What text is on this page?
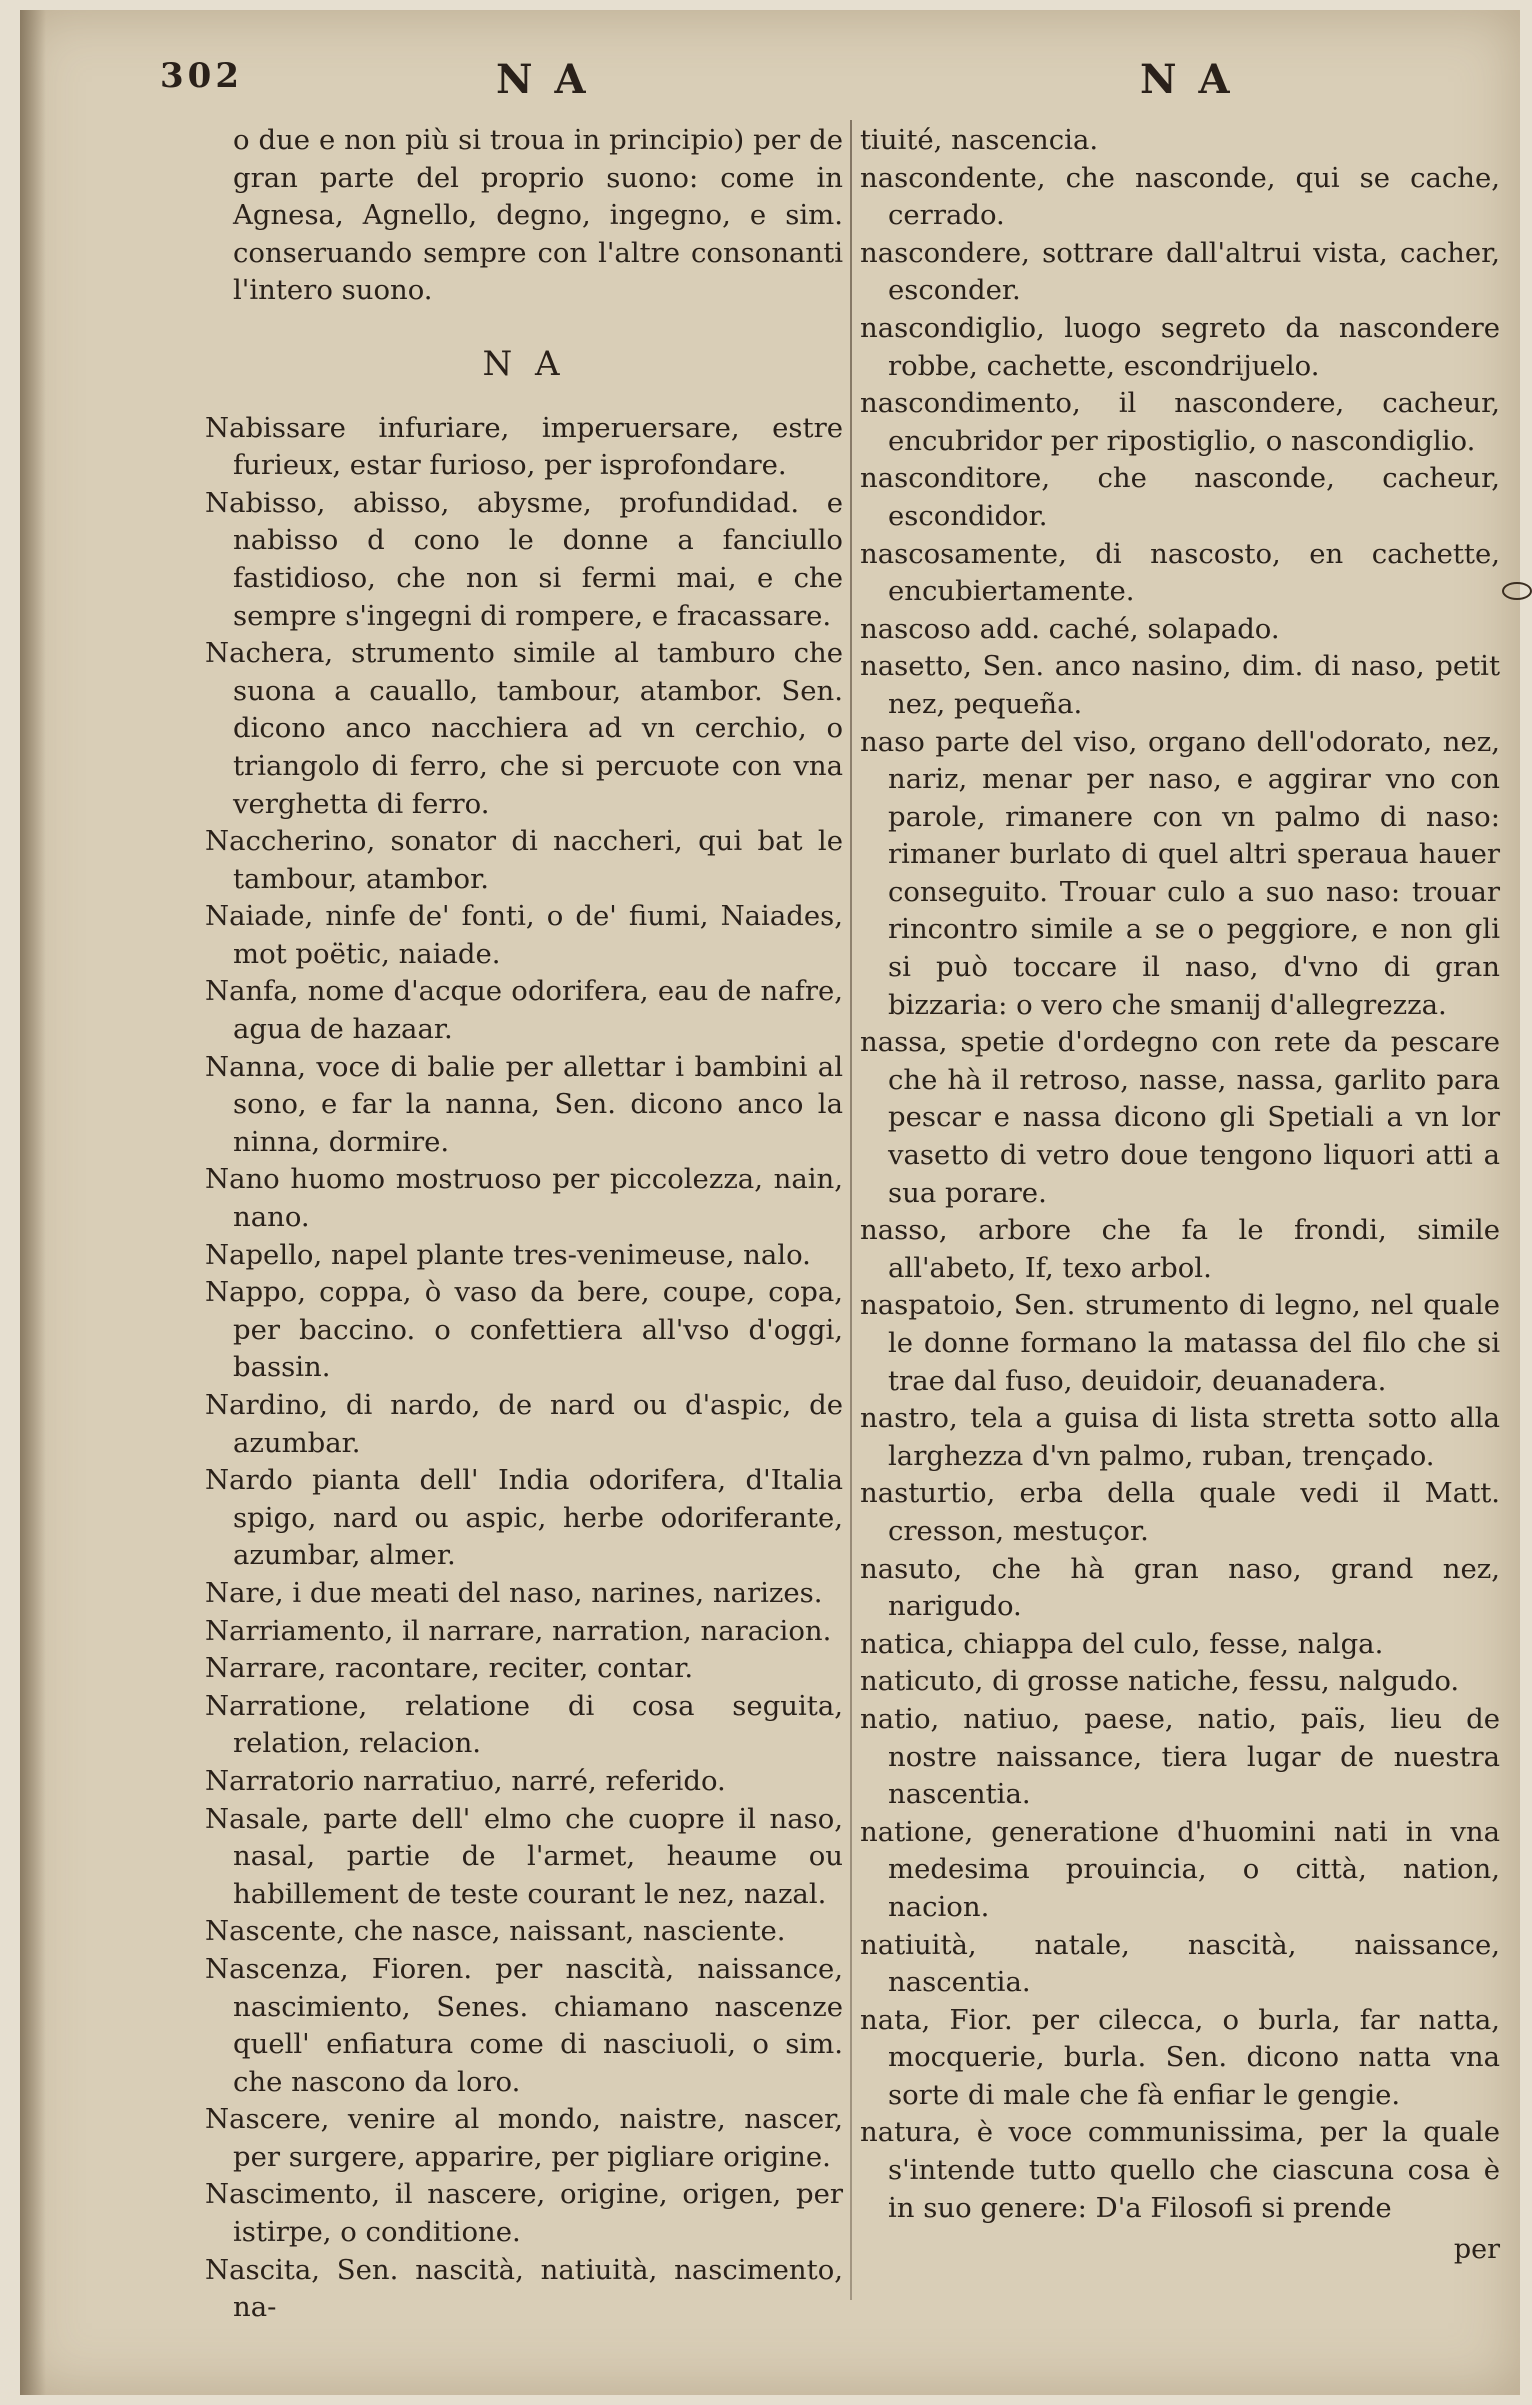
302	N A	N A

o due e non più si troua in principio) per de gran parte del proprio suono: come in Agnesa, Agnello, degno, ingegno, e sim. conseruando sempre con l'altre consonanti l'intero suono.

N A

Nabissare infuriare, imperuersare, estre furieux, estar furioso, per isprofondare.

Nabisso, abisso, abysme, profundidad. e nabisso d cono le donne a fanciullo fastidioso, che non si fermi mai, e che sempre s'ingegni di rompere, e fracassare.

Nachera, strumento simile al tamburo che suona a cauallo, tambour, atambor. Sen. dicono anco nacchiera ad vn cerchio, o triangolo di ferro, che si percuote con vna verghetta di ferro.

Naccherino, sonator di naccheri, qui bat le tambour, atambor.

Naiade, ninfe de' fonti, o de' fiumi, Naiades, mot poëtic, naiade.

Nanfa, nome d'acque odorifera, eau de nafre, agua de hazaar.

Nanna, voce di balie per allettar i bambini al sono, e far la nanna, Sen. dicono anco la ninna, dormire.

Nano huomo mostruoso per piccolezza, nain, nano.

Napello, napel plante tres-venimeuse, nalo.

Nappo, coppa, ò vaso da bere, coupe, copa, per baccino. o confettiera all'vso d'oggi, bassin.

Nardino, di nardo, de nard ou d'aspic, de azumbar.

Nardo pianta dell' India odorifera, d'Italia spigo, nard ou aspic, herbe odoriferante, azumbar, almer.

Nare, i due meati del naso, narines, narizes.

Narriamento, il narrare, narration, naracion.

Narrare, racontare, reciter, contar.

Narratione, relatione di cosa seguita, relation, relacion.

Narratorio narratiuo, narré, referido.

Nasale, parte dell' elmo che cuopre il naso, nasal, partie de l'armet, heaume ou habillement de teste courant le nez, nazal.

Nascente, che nasce, naissant, nasciente.

Nascenza, Fioren. per nascità, naissance, nascimiento, Senes. chiamano nascenze quell' enfiatura come di nasciuoli, o sim. che nascono da loro.

Nascere, venire al mondo, naistre, nascer, per surgere, apparire, per pigliare origine.

Nascimento, il nascere, origine, origen, per istirpe, o conditione.

Nascita, Sen. nascità, natiuità, nascimento, na-

tiuité, nascencia.

nascondente, che nasconde, qui se cache, cerrado.

nascondere, sottrare dall'altrui vista, cacher, esconder.

nascondiglio, luogo segreto da nascondere robbe, cachette, escondrijuelo.

nascondimento, il nascondere, cacheur, encubridor per ripostiglio, o nascondiglio.

nasconditore, che nasconde, cacheur, escondidor.

nascosamente, di nascosto, en cachette, encubiertamente.

nascoso add. caché, solapado.

nasetto, Sen. anco nasino, dim. di naso, petit nez, pequeña.

naso parte del viso, organo dell'odorato, nez, nariz, menar per naso, e aggirar vno con parole, rimanere con vn palmo di naso: rimaner burlato di quel altri speraua hauer conseguito. Trouar culo a suo naso: trouar rincontro simile a se o peggiore, e non gli si può toccare il naso, d'vno di gran bizzaria: o vero che smanij d'allegrezza.

nassa, spetie d'ordegno con rete da pescare che hà il retroso, nasse, nassa, garlito para pescar e nassa dicono gli Spetiali a vn lor vasetto di vetro doue tengono liquori atti a sua porare.

nasso, arbore che fa le frondi, simile all'abeto, If, texo arbol.

naspatoio, Sen. strumento di legno, nel quale le donne formano la matassa del filo che si trae dal fuso, deuidoir, deuanadera.

nastro, tela a guisa di lista stretta sotto alla larghezza d'vn palmo, ruban, trençado.

nasturtio, erba della quale vedi il Matt. cresson, mestuçor.

nasuto, che hà gran naso, grand nez, narigudo.

natica, chiappa del culo, fesse, nalga.

naticuto, di grosse natiche, fessu, nalgudo.

natio, natiuo, paese, natio, païs, lieu de nostre naissance, tiera lugar de nuestra nascentia.

natione, generatione d'huomini nati in vna medesima prouincia, o città, nation, nacion.

natiuità, natale, nascità, naissance, nascentia.

nata, Fior. per cilecca, o burla, far natta, mocquerie, burla. Sen. dicono natta vna sorte di male che fà enfiar le gengie.

natura, è voce communissima, per la quale s'intende tutto quello che ciascuna cosa è in suo genere: D'a Filosofi si prende

per
